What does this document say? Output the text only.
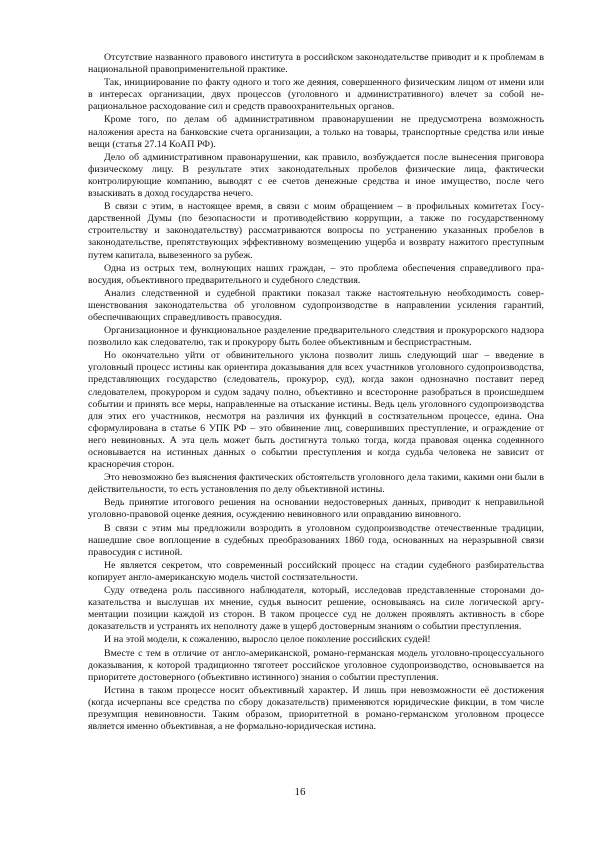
Отсутствие названного правового института в российском законодательстве приводит и к проблемам в национальной правоприменительной практике.

Так, инициирование по факту одного и того же деяния, совершенного физическим лицом от имени или в интересах организации, двух процессов (уголовного и административного) влечет за собой нерациональное расходование сил и средств правоохранительных органов.

Кроме того, по делам об административном правонарушении не предусмотрена возможность наложения ареста на банковские счета организации, а только на товары, транспортные средства или иные вещи (статья 27.14 КоАП РФ).

Дело об административном правонарушении, как правило, возбуждается после вынесения приговора физическому лицу. В результате этих законодательных пробелов физические лица, фактически контролирующие компанию, выводят с ее счетов денежные средства и иное имущество, после чего взыскивать в доход государства нечего.

В связи с этим, в настоящее время, в связи с моим обращением – в профильных комитетах Государственной Думы (по безопасности и противодействию коррупции, а также по государственному строительству и законодательству) рассматриваются вопросы по устранению указанных пробелов в законодательстве, препятствующих эффективному возмещению ущерба и возврату нажитого преступным путем капитала, вывезенного за рубеж.

Одна из острых тем, волнующих наших граждан, – это проблема обеспечения справедливого правосудия, объективного предварительного и судебного следствия.

Анализ следственной и судебной практики показал также настоятельную необходимость совершенствования законодательства об уголовном судопроизводстве в направлении усиления гарантий, обеспечивающих справедливость правосудия.

Организационное и функциональное разделение предварительного следствия и прокурорского надзора позволило как следователю, так и прокурору быть более объективным и беспристрастным.

Но окончательно уйти от обвинительного уклона позволит лишь следующий шаг – введение в уголовный процесс истины как ориентира доказывания для всех участников уголовного судопроизводства, представляющих государство (следователь, прокурор, суд), когда закон однозначно поставит перед следователем, прокурором и судом задачу полно, объективно и всесторонне разобраться в происшедшем событии и принять все меры, направленные на отыскание истины. Ведь цель уголовного судопроизводства для этих его участников, несмотря на различия их функций в состязательном процессе, едина. Она сформулирована в статье 6 УПК РФ – это обвинение лиц, совершивших преступление, и ограждение от него невиновных. А эта цель может быть достигнута только тогда, когда правовая оценка содеянного основывается на истинных данных о событии преступления и когда судьба человека не зависит от красноречия сторон.

Это невозможно без выяснения фактических обстоятельств уголовного дела такими, какими они были в действительности, то есть установления по делу объективной истины.

Ведь принятие итогового решения на основании недостоверных данных, приводит к неправильной уголовно-правовой оценке деяния, осуждению невиновного или оправданию виновного.

В связи с этим мы предложили возродить в уголовном судопроизводстве отечественные традиции, нашедшие свое воплощение в судебных преобразованиях 1860 года, основанных на неразрывной связи правосудия с истиной.

Не является секретом, что современный российский процесс на стадии судебного разбирательства копирует англо-американскую модель чистой состязательности.

Суду отведена роль пассивного наблюдателя, который, исследовав представленные сторонами доказательства и выслушав их мнение, судья выносит решение, основываясь на силе логической аргументации позиции каждой из сторон. В таком процессе суд не должен проявлять активность в сборе доказательств и устранять их неполноту даже в ущерб достоверным знаниям о событии преступления.

И на этой модели, к сожалению, выросло целое поколение российских судей!

Вместе с тем в отличие от англо-американской, романо-германская модель уголовно-процессуального доказывания, к которой традиционно тяготеет российское уголовное судопроизводство, основывается на приоритете достоверного (объективно истинного) знания о событии преступления.

Истина в таком процессе носит объективный характер. И лишь при невозможности её достижения (когда исчерпаны все средства по сбору доказательств) применяются юридические фикции, в том числе презумпция невиновности. Таким образом, приоритетной в романо-германском уголовном процессе является именно объективная, а не формально-юридическая истина.

16
